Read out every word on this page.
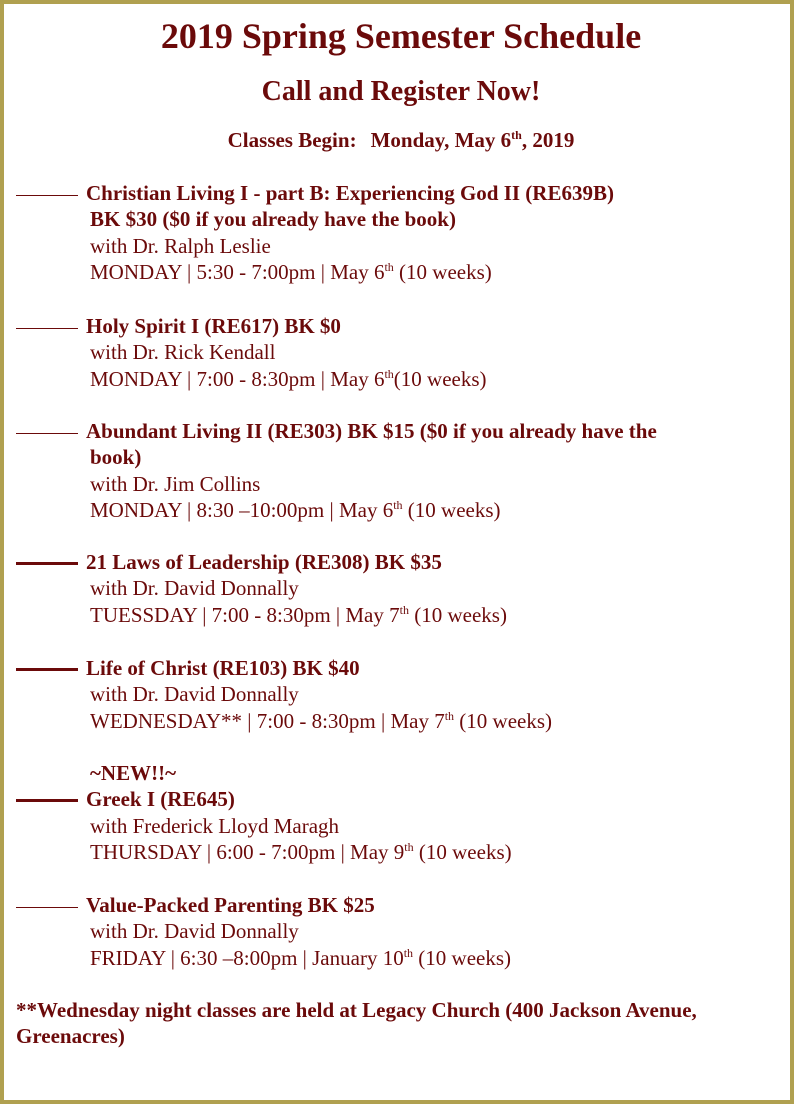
2019 Spring Semester Schedule
Call and Register Now!
Classes Begin: Monday, May 6th, 2019
Christian Living I - part B: Experiencing God II (RE639B)
BK $30 ($0 if you already have the book)
with Dr. Ralph Leslie
MONDAY | 5:30 - 7:00pm | May 6th (10 weeks)
Holy Spirit I (RE617) BK $0
with Dr. Rick Kendall
MONDAY | 7:00 - 8:30pm | May 6th(10 weeks)
Abundant Living II (RE303) BK $15 ($0 if you already have the
book)
with Dr. Jim Collins
MONDAY | 8:30 –10:00pm | May 6th (10 weeks)
21 Laws of Leadership (RE308) BK $35
with Dr. David Donnally
TUESSDAY | 7:00 - 8:30pm | May 7th (10 weeks)
Life of Christ (RE103) BK $40
with Dr. David Donnally
WEDNESDAY** | 7:00 - 8:30pm | May 7th (10 weeks)
~NEW!!~
Greek I (RE645)
with Frederick Lloyd Maragh
THURSDAY | 6:00 - 7:00pm | May 9th (10 weeks)
Value-Packed Parenting BK $25
with Dr. David Donnally
FRIDAY | 6:30 –8:00pm | January 10th (10 weeks)
**Wednesday night classes are held at Legacy Church (400 Jackson Avenue, Greenacres)
